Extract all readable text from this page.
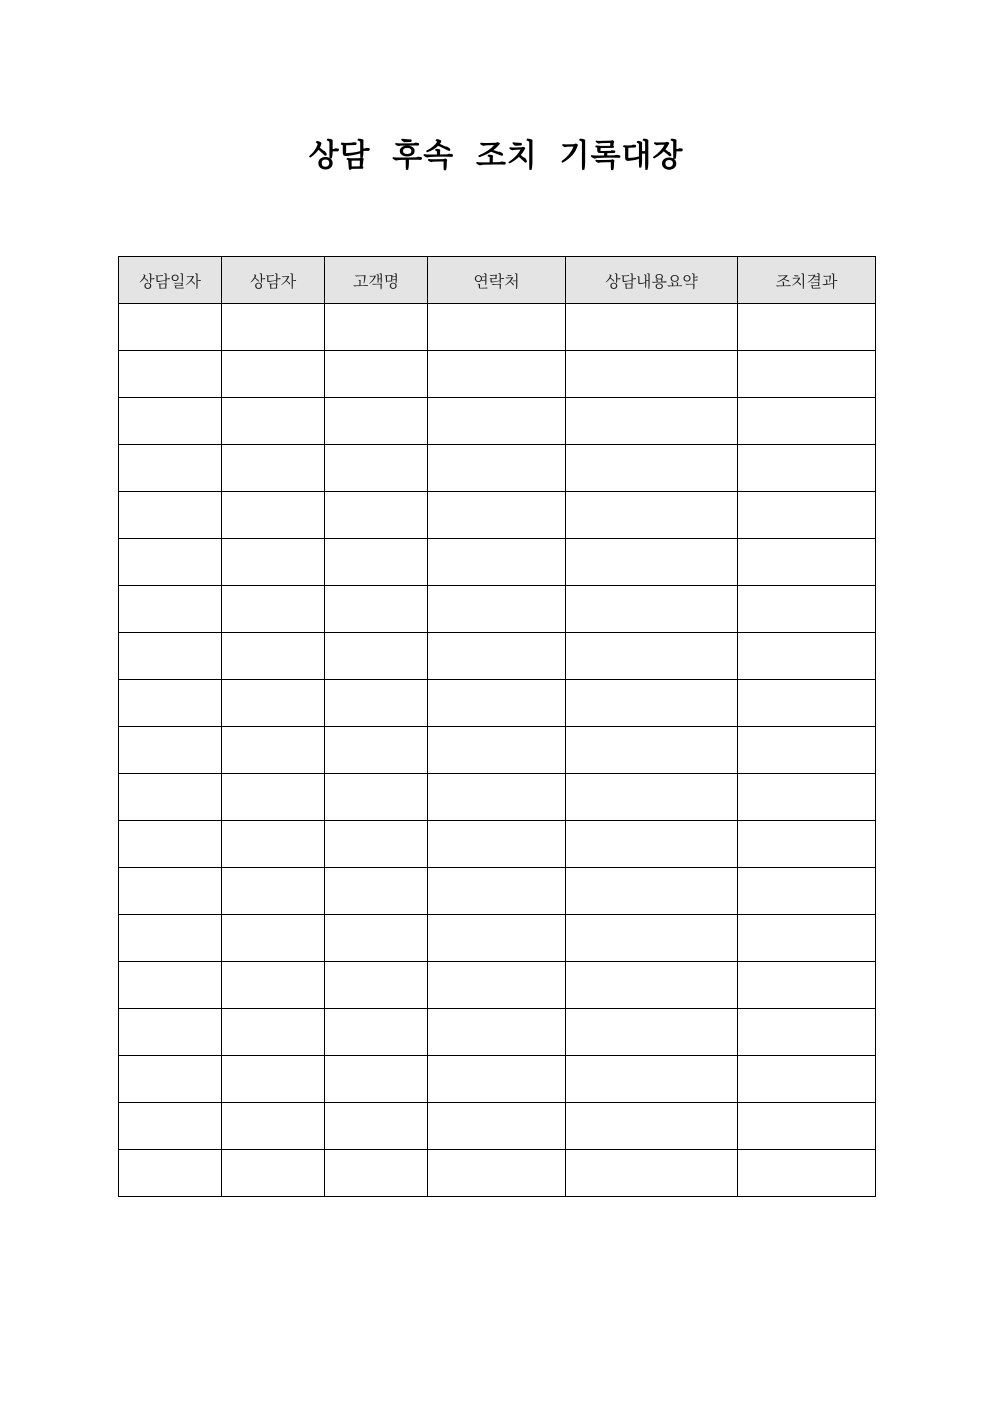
상담 후속 조치 기록대장
상담일자	상담자	고객명	연락처	상담내용요약	조치결과
